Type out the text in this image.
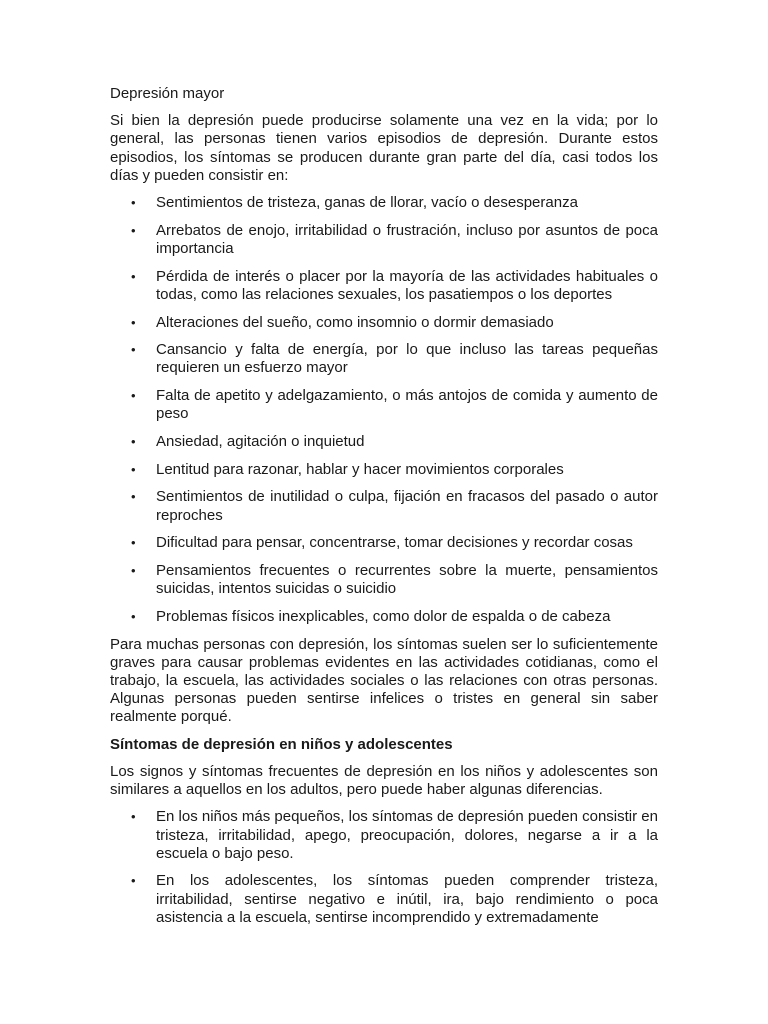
Depresión mayor

Si bien la depresión puede producirse solamente una vez en la vida; por lo general, las personas tienen varios episodios de depresión. Durante estos episodios, los síntomas se producen durante gran parte del día, casi todos los días y pueden consistir en:

• Sentimientos de tristeza, ganas de llorar, vacío o desesperanza
• Arrebatos de enojo, irritabilidad o frustración, incluso por asuntos de poca importancia
• Pérdida de interés o placer por la mayoría de las actividades habituales o todas, como las relaciones sexuales, los pasatiempos o los deportes
• Alteraciones del sueño, como insomnio o dormir demasiado
• Cansancio y falta de energía, por lo que incluso las tareas pequeñas requieren un esfuerzo mayor
• Falta de apetito y adelgazamiento, o más antojos de comida y aumento de peso
• Ansiedad, agitación o inquietud
• Lentitud para razonar, hablar y hacer movimientos corporales
• Sentimientos de inutilidad o culpa, fijación en fracasos del pasado o autor reproches
• Dificultad para pensar, concentrarse, tomar decisiones y recordar cosas
• Pensamientos frecuentes o recurrentes sobre la muerte, pensamientos suicidas, intentos suicidas o suicidio
• Problemas físicos inexplicables, como dolor de espalda o de cabeza

Para muchas personas con depresión, los síntomas suelen ser lo suficientemente graves para causar problemas evidentes en las actividades cotidianas, como el trabajo, la escuela, las actividades sociales o las relaciones con otras personas. Algunas personas pueden sentirse infelices o tristes en general sin saber realmente porqué.

Síntomas de depresión en niños y adolescentes

Los signos y síntomas frecuentes de depresión en los niños y adolescentes son similares a aquellos en los adultos, pero puede haber algunas diferencias.

• En los niños más pequeños, los síntomas de depresión pueden consistir en tristeza, irritabilidad, apego, preocupación, dolores, negarse a ir a la escuela o bajo peso.
• En los adolescentes, los síntomas pueden comprender tristeza, irritabilidad, sentirse negativo e inútil, ira, bajo rendimiento o poca asistencia a la escuela, sentirse incomprendido y extremadamente
